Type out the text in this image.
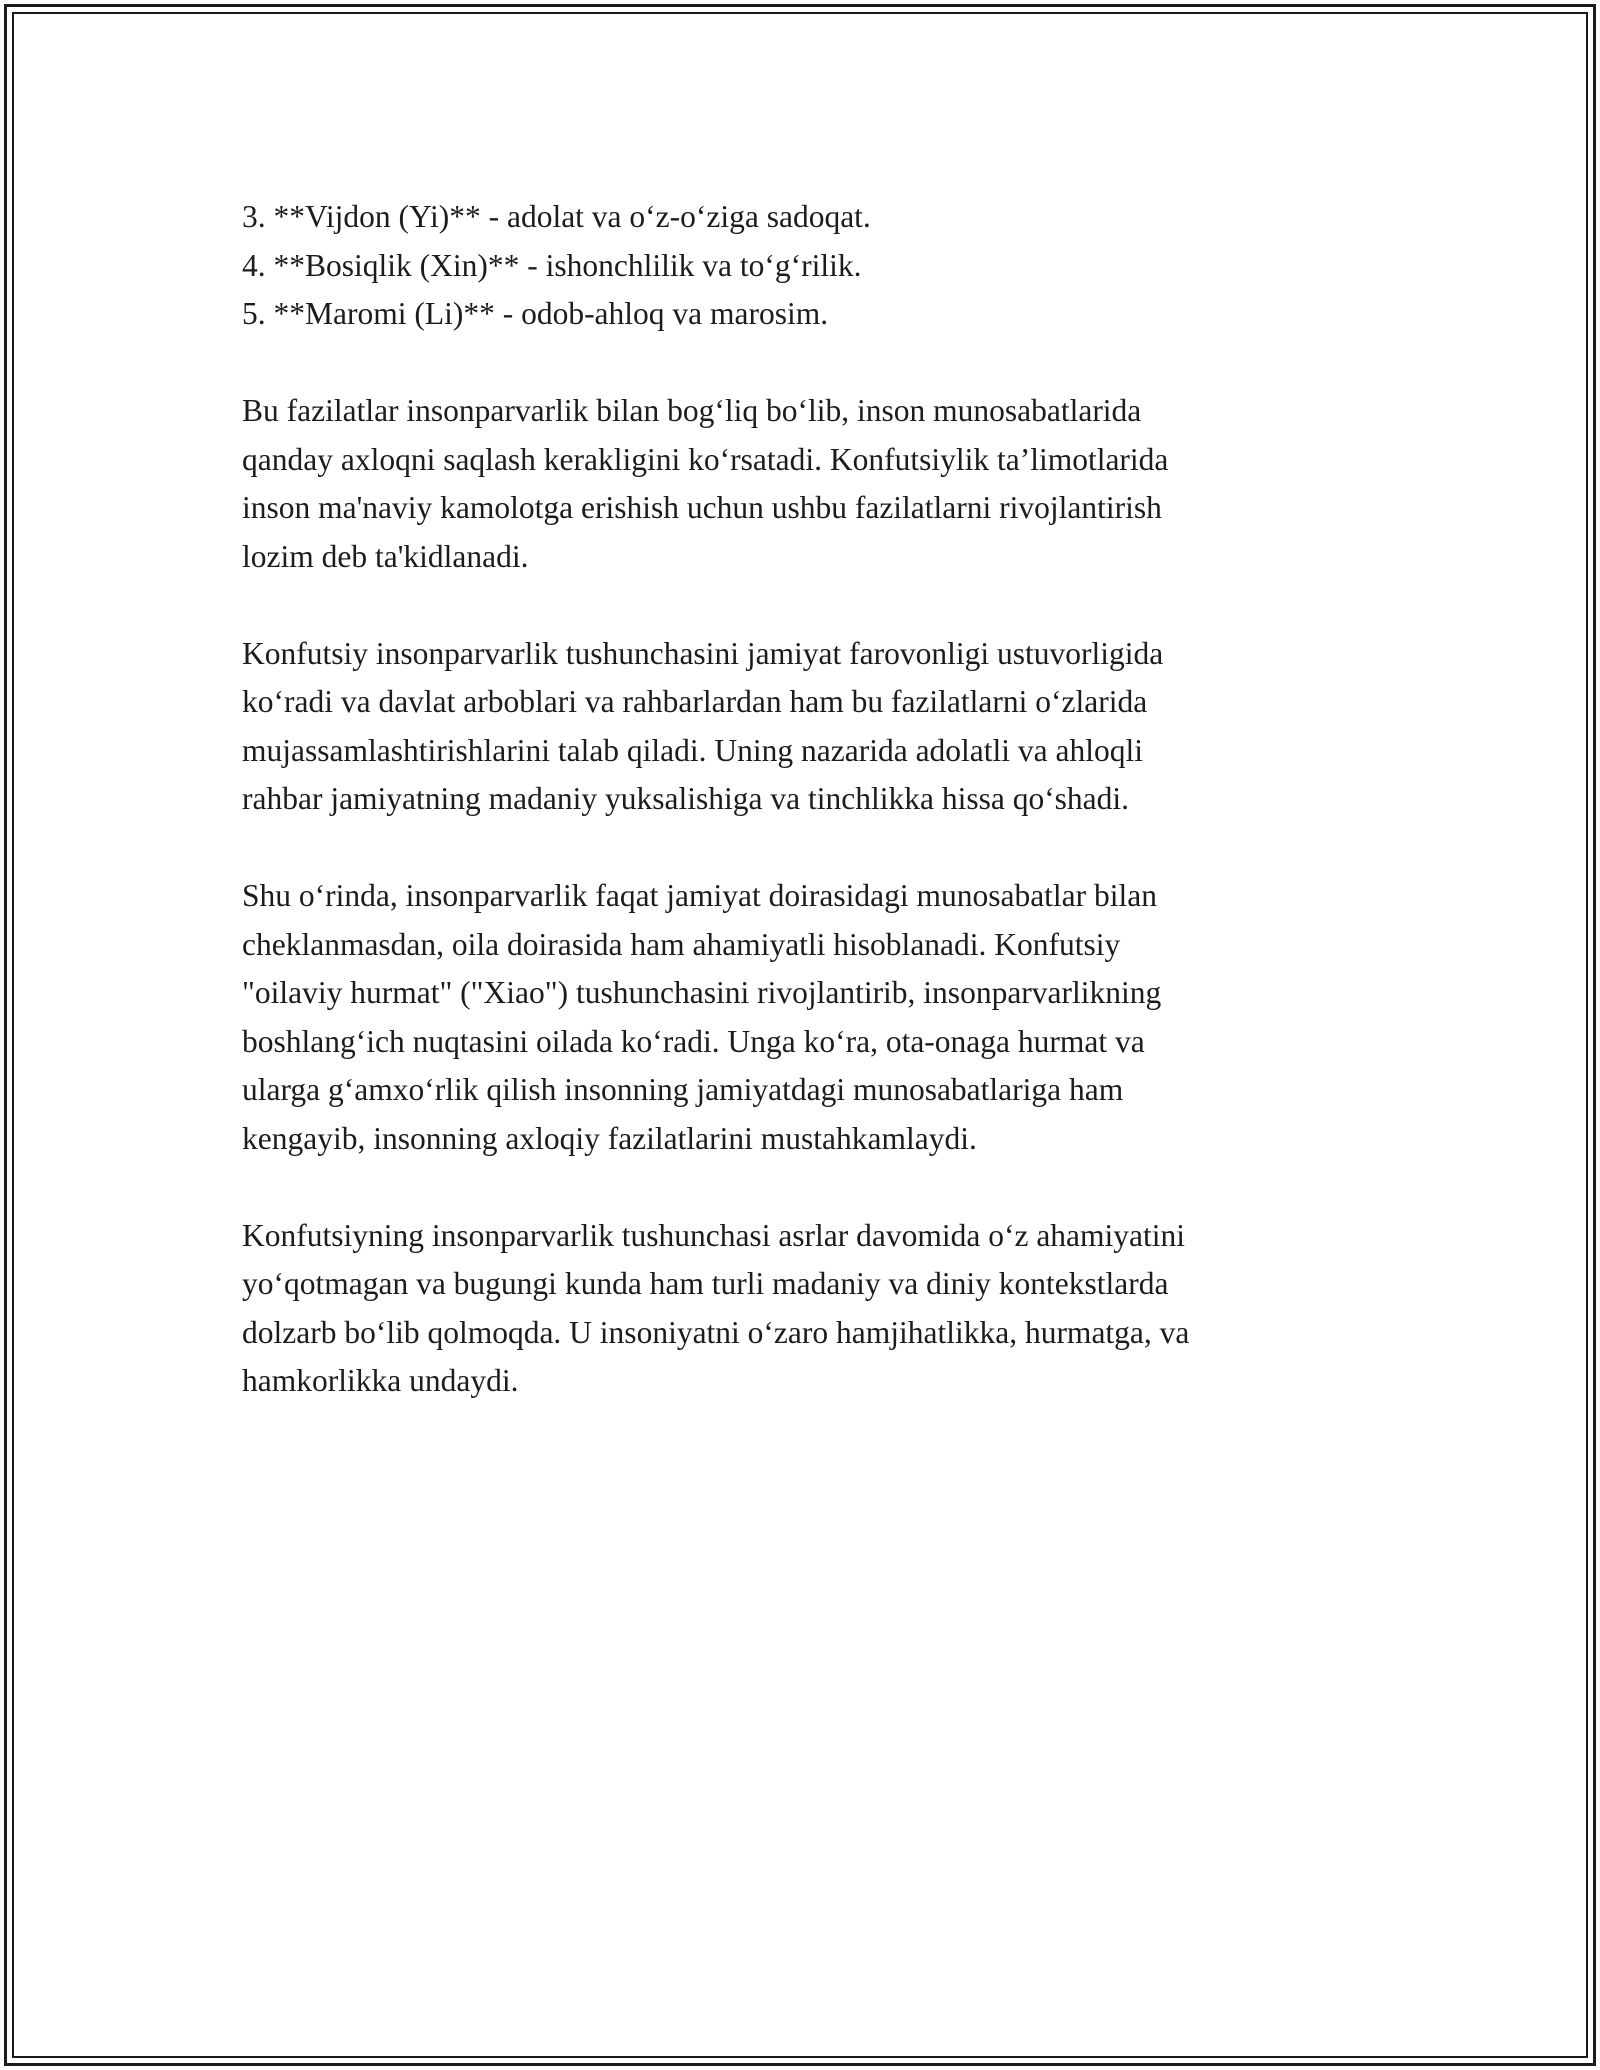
3. **Vijdon (Yi)** - adolat va o‘z-o‘ziga sadoqat.

4. **Bosiqlik (Xin)** - ishonchlilik va to‘g‘rilik.

5. **Maromi (Li)** - odob-ahloq va marosim.

Bu fazilatlar insonparvarlik bilan bog‘liq bo‘lib, inson munosabatlarida
qanday axloqni saqlash kerakligini ko‘rsatadi. Konfutsiylik ta’limotlarida
inson ma'naviy kamolotga erishish uchun ushbu fazilatlarni rivojlantirish
lozim deb ta'kidlanadi.

Konfutsiy insonparvarlik tushunchasini jamiyat farovonligi ustuvorligida
ko‘radi va davlat arboblari va rahbarlardan ham bu fazilatlarni o‘zlarida
mujassamlashtirishlarini talab qiladi. Uning nazarida adolatli va ahloqli
rahbar jamiyatning madaniy yuksalishiga va tinchlikka hissa qo‘shadi.

Shu o‘rinda, insonparvarlik faqat jamiyat doirasidagi munosabatlar bilan
cheklanmasdan, oila doirasida ham ahamiyatli hisoblanadi. Konfutsiy
"oilaviy hurmat" ("Xiao") tushunchasini rivojlantirib, insonparvarlikning
boshlang‘ich nuqtasini oilada ko‘radi. Unga ko‘ra, ota-onaga hurmat va
ularga g‘amxo‘rlik qilish insonning jamiyatdagi munosabatlariga ham
kengayib, insonning axloqiy fazilatlarini mustahkamlaydi.

Konfutsiyning insonparvarlik tushunchasi asrlar davomida o‘z ahamiyatini
yo‘qotmagan va bugungi kunda ham turli madaniy va diniy kontekstlarda
dolzarb bo‘lib qolmoqda. U insoniyatni o‘zaro hamjihatlikka, hurmatga, va
hamkorlikka undaydi.
